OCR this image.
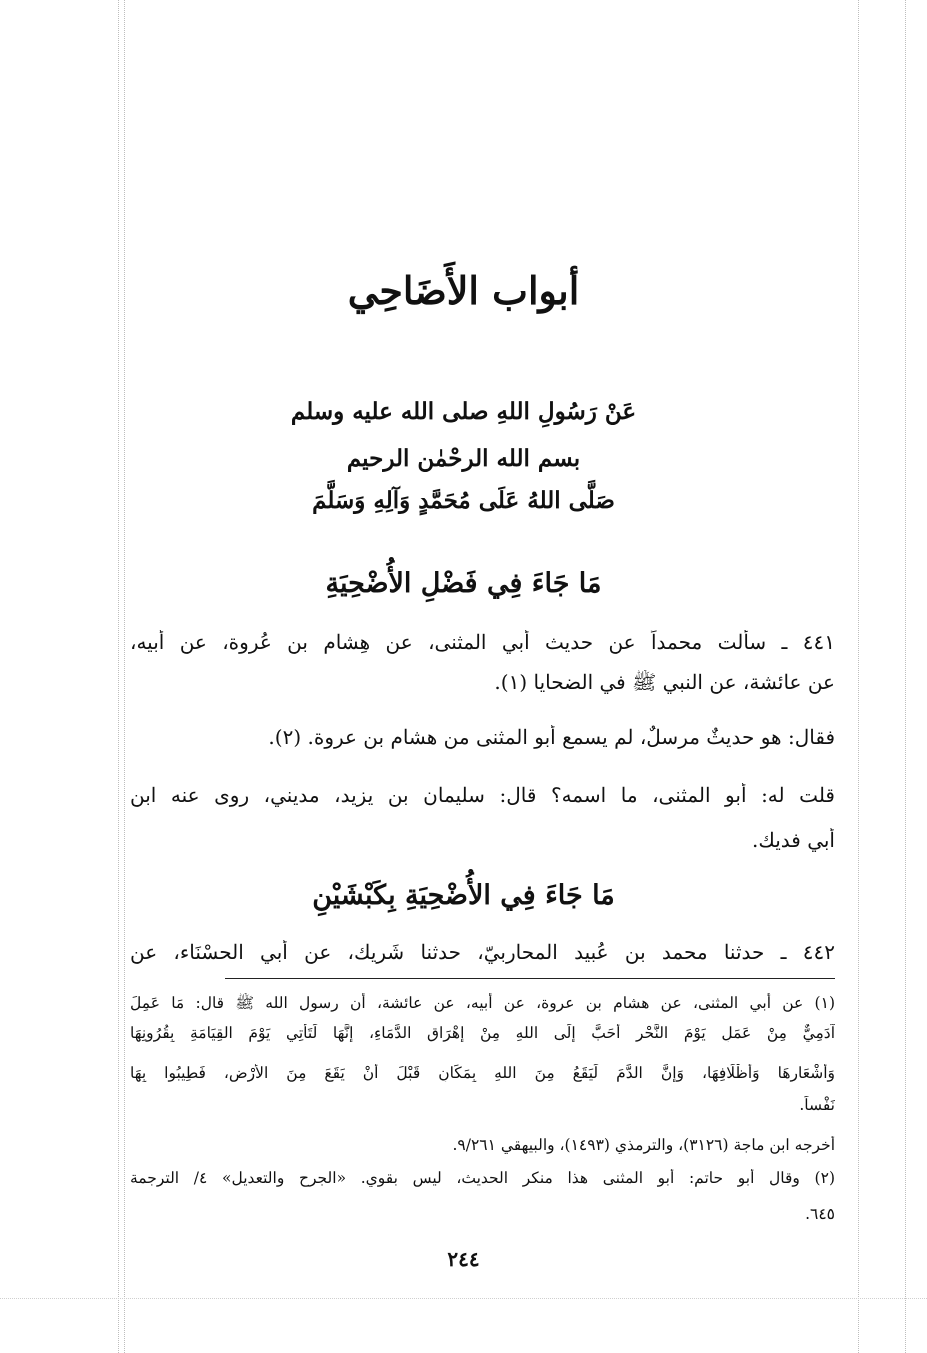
أبواب الأَضَاحِي
عَنْ رَسُولِ اللهِ صلى الله عليه وسلم
بسم الله الرحْمٰن الرحيم
صَلَّى اللهُ عَلَى مُحَمَّدٍ وَآلِهِ وَسَلَّمَ
مَا جَاءَ فِي فَضْلِ الأُضْحِيَةِ
٤٤١ ـ سألت محمداً عن حديث أبي المثنى، عن هِشام بن عُروة، عن أبيه،
عن عائشة، عن النبي ﷺ في الضحايا (١).
فقال: هو حديثٌ مرسلٌ، لم يسمع أبو المثنى من هشام بن عروة. (٢).
قلت له: أبو المثنى، ما اسمه؟ قال: سليمان بن يزيد، مديني، روى عنه ابن
أبي فديك.
مَا جَاءَ فِي الأُضْحِيَةِ بِكَبْشَيْنِ
٤٤٢ ـ حدثنا محمد بن عُبيد المحاربيّ، حدثنا شَريك، عن أبي الحسْنَاء، عن
(١) عن أبي المثنى، عن هشام بن عروة، عن أبيه، عن عائشة، أن رسول الله ﷺ قال: مَا عَمِلَ
آدَمِيٌّ مِنْ عَمَلٍ يَوْمَ النَّحْرِ أَحَبَّ إِلَى اللهِ مِنْ إِهْرَاقِ الدَّمَاءِ، إِنَّهَا لَتَأْتِي يَوْمَ القِيَامَةِ بِقُرُونِهَا
وَأَشْعَارِهَا وَأَظْلَافِهَا، وَإِنَّ الدَّمَ لَيَقَعُ مِنَ اللهِ بِمَكَانٍ قَبْلَ أَنْ يَقَعَ مِنَ الأَرْضِ، فَطِيبُوا بِهَا
نَفْساً.
أخرجه ابن ماجة (٣١٢٦)، والترمذي (١٤٩٣)، والبيهقي ٩/٢٦١.
(٢) وقال أبو حاتم: أبو المثنى هذا منكر الحديث، ليس بقوي. «الجرح والتعديل» ٤/ الترجمة
٦٤٥.
٢٤٤
